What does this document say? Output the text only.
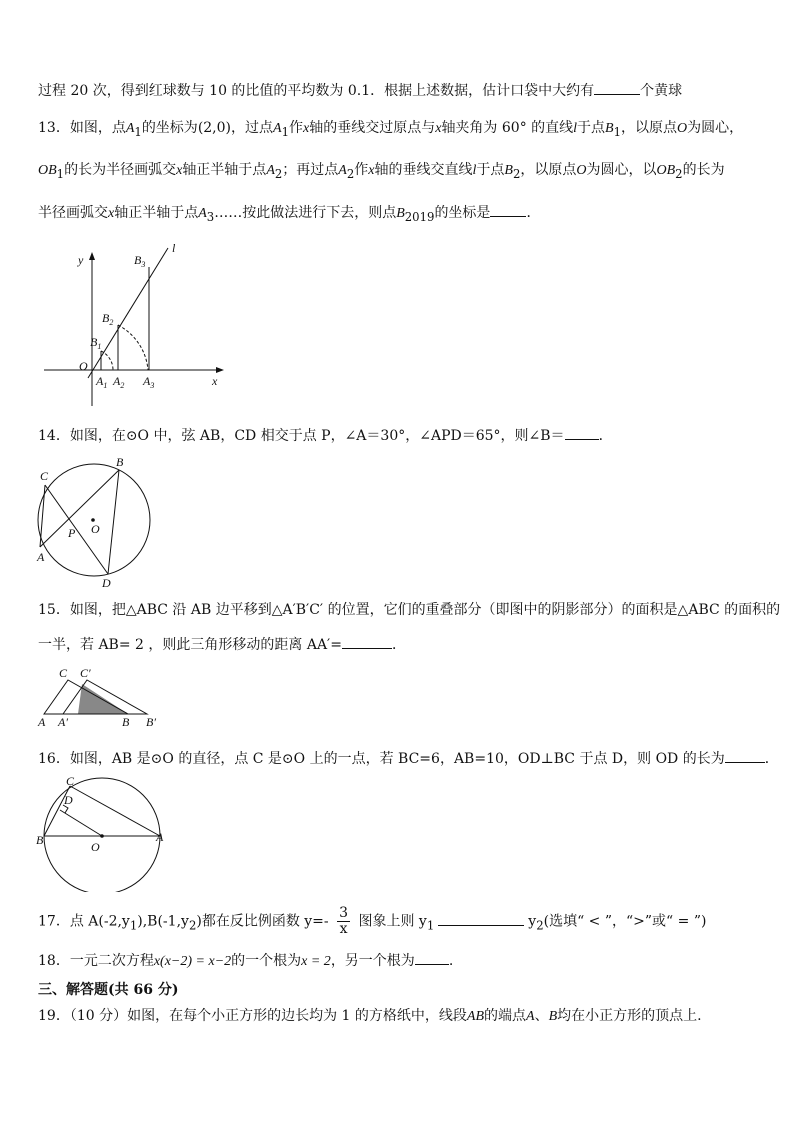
过程 20 次，得到红球数与 10 的比值的平均数为 0.1．根据上述数据，估计口袋中大约有	个黄球
13．如图，点$A_1$的坐标为(2,0)，过点$A_1$作x轴的垂线交过原点与x轴夹角为 60° 的直线l于点$B_1$，以原点O为圆心，
$OB_1$的长为半径画弧交x轴正半轴于点$A_2$；再过点$A_2$作x轴的垂线交直线l于点$B_2$，以原点O为圆心，以$OB_2$的长为
半径画弧交x轴正半轴于点$A_3\dots\dots$按此做法进行下去，则点$B_{2019}$的坐标是	．
y
l
x
O
$B_3$
$B_2$
$B_1$
$A_1$ $A_2$ $A_3$
14．如图，在⊙O 中，弦 AB，CD 相交于点 P，∠A＝30°，∠APD＝65°，则∠B＝ ．
C
B
O
P
A
D
15．如图，把△ABC 沿 AB 边平移到△A′B′C′ 的位置，它们的重叠部分（即图中的阴影部分）的面积是△ABC 的面积的
一半，若 AB= 2 ，则此三角形移动的距离 AA′=	．
C C′
A A′	B B′
16．如图，AB 是⊙O 的直径，点 C 是⊙O 上的一点，若 BC=6，AB=10，OD⊥BC 于点 D，则 OD 的长为	．
C
D
B	O
A
17．点 $A(-2,y_1),B(-1,y_2)$都在反比例函数 $y=- \frac{3}{x}$ 图象上则 $y_1$	$y_2$(选填“ < ”，“>”或“ = ”)
18．一元二次方程x(x−2) = x−2的一个根为x = 2，另一个根为 .
三、解答题(共 66 分)
19．（10 分）如图，在每个小正方形的边长均为 1 的方格纸中，线段AB的端点A、B均在小正方形的顶点上.
